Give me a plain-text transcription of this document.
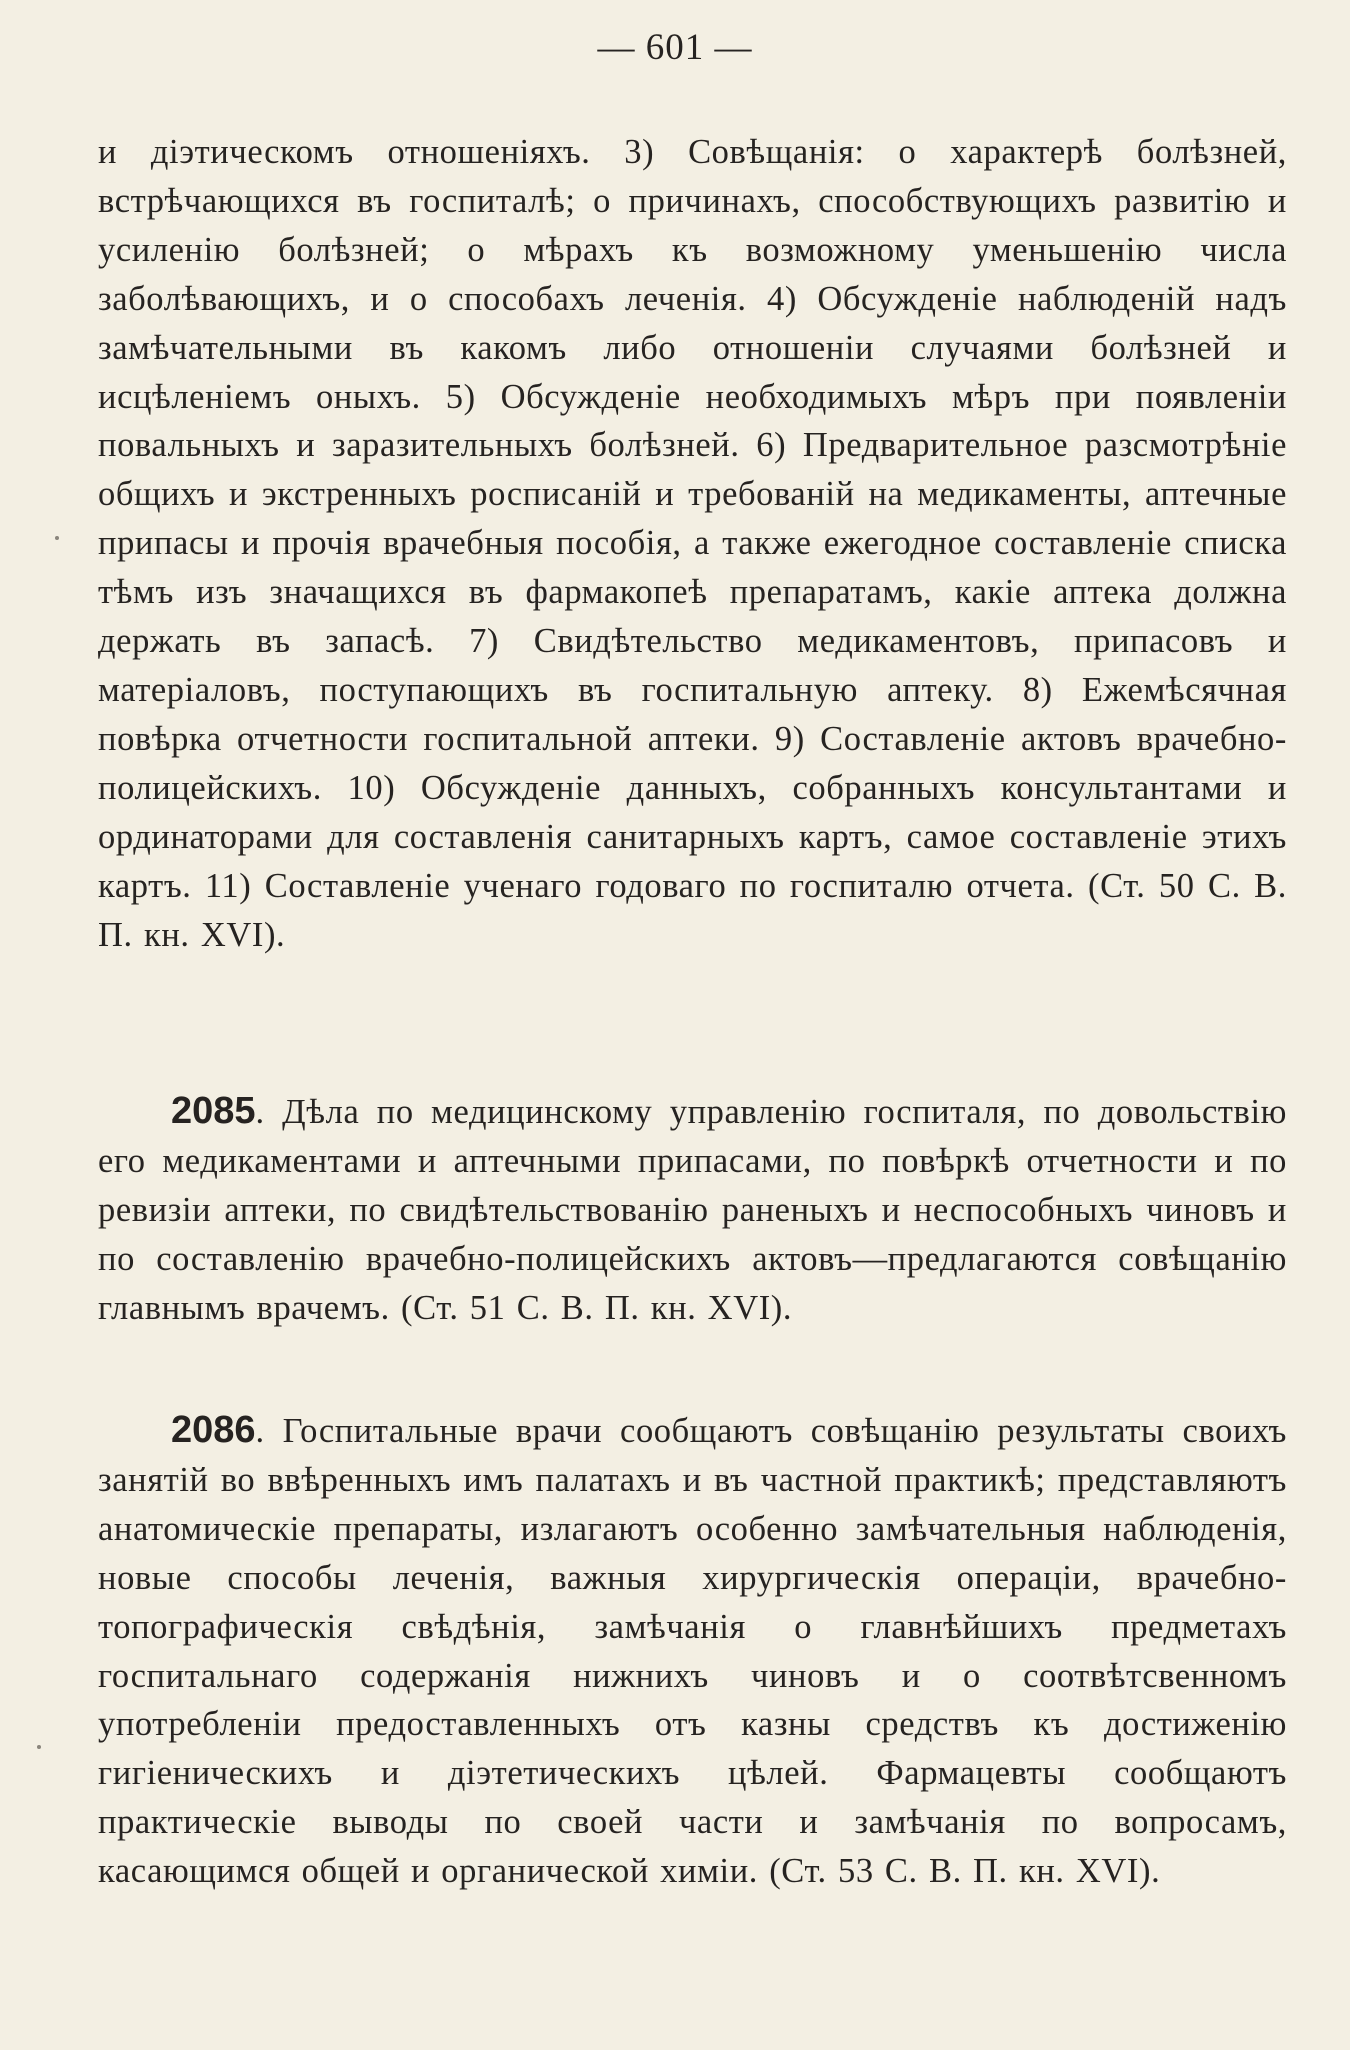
— 601 —

и діэтическомъ отношеніяхъ. 3) Совѣщанія: о характерѣ болѣзней, встрѣчающихся въ госпиталѣ; о причинахъ, способствующихъ развитію и усиленію болѣзней; о мѣрахъ къ возможному уменьшенію числа заболѣвающихъ, и о способахъ леченія. 4) Обсужденіе наблюденій надъ замѣчательными въ какомъ либо отношеніи случаями болѣзней и исцѣленіемъ оныхъ. 5) Обсужденіе необходимыхъ мѣръ при появленіи повальныхъ и заразительныхъ болѣзней. 6) Предварительное разсмотрѣніе общихъ и экстренныхъ росписаній и требованій на медикаменты, аптечные припасы и прочія врачебныя пособія, а также ежегодное составленіе списка тѣмъ изъ значащихся въ фармакопеѣ препаратамъ, какіе аптека должна держать въ запасѣ. 7) Свидѣтельство медикаментовъ, припасовъ и матеріаловъ, поступающихъ въ госпитальную аптеку. 8) Ежемѣсячная повѣрка отчетности госпитальной аптеки. 9) Составленіе актовъ врачебно-полицейскихъ. 10) Обсужденіе данныхъ, собранныхъ консультантами и ординаторами для составленія санитарныхъ картъ, самое составленіе этихъ картъ. 11) Составленіе ученаго годоваго по госпиталю отчета. (Ст. 50 С. В. П. кн. XVI).

2085. Дѣла по медицинскому управленію госпиталя, по довольствію его медикаментами и аптечными припасами, по повѣркѣ отчетности и по ревизіи аптеки, по свидѣтельствованію раненыхъ и неспособныхъ чиновъ и по составленію врачебно-полицейскихъ актовъ—предлагаются совѣщанію главнымъ врачемъ. (Ст. 51 С. В. П. кн. XVI).

2086. Госпитальные врачи сообщаютъ совѣщанію результаты своихъ занятій во ввѣренныхъ имъ палатахъ и въ частной практикѣ; представляютъ анатомическіе препараты, излагаютъ особенно замѣчательныя наблюденія, новые способы леченія, важныя хирургическія операціи, врачебно-топографическія свѣдѣнія, замѣчанія о главнѣйшихъ предметахъ госпитальнаго содержанія нижнихъ чиновъ и о соотвѣтсвенномъ употребленіи предоставленныхъ отъ казны средствъ къ достиженію гигіеническихъ и діэтетическихъ цѣлей. Фармацевты сообщаютъ практическіе выводы по своей части и замѣчанія по вопросамъ, касающимся общей и органической химіи. (Ст. 53 С. В. П. кн. XVI).
